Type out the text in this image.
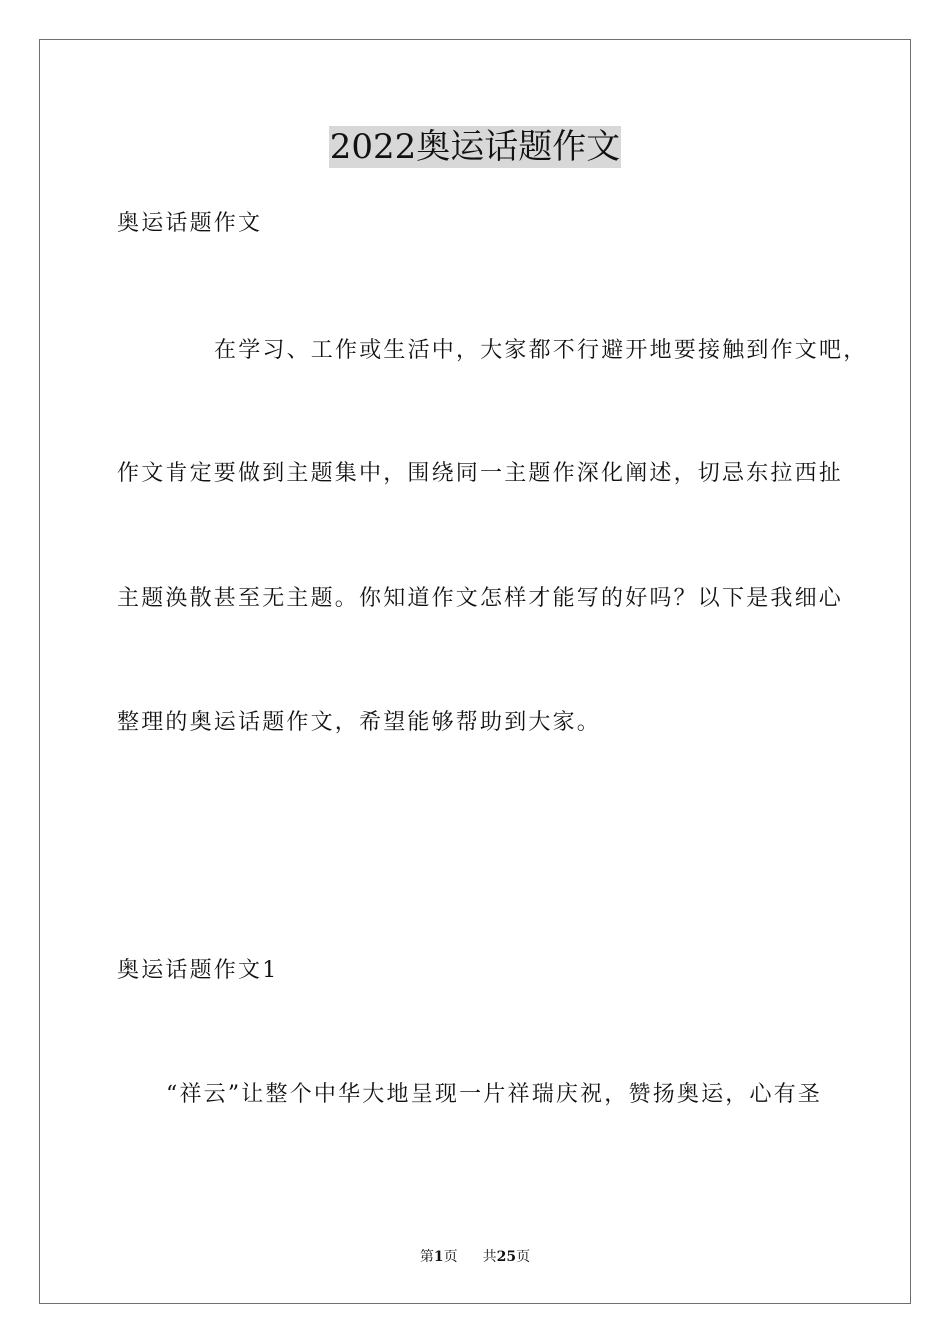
2022奥运话题作文
奥运话题作文
在学习、工作或生活中，大家都不行避开地要接触到作文吧，
作文肯定要做到主题集中，围绕同一主题作深化阐述，切忌东拉西扯
主题涣散甚至无主题。你知道作文怎样才能写的好吗？以下是我细心
整理的奥运话题作文，希望能够帮助到大家。
奥运话题作文1
“祥云”让整个中华大地呈现一片祥瑞庆祝，赞扬奥运，心有圣
第1页 共25页
